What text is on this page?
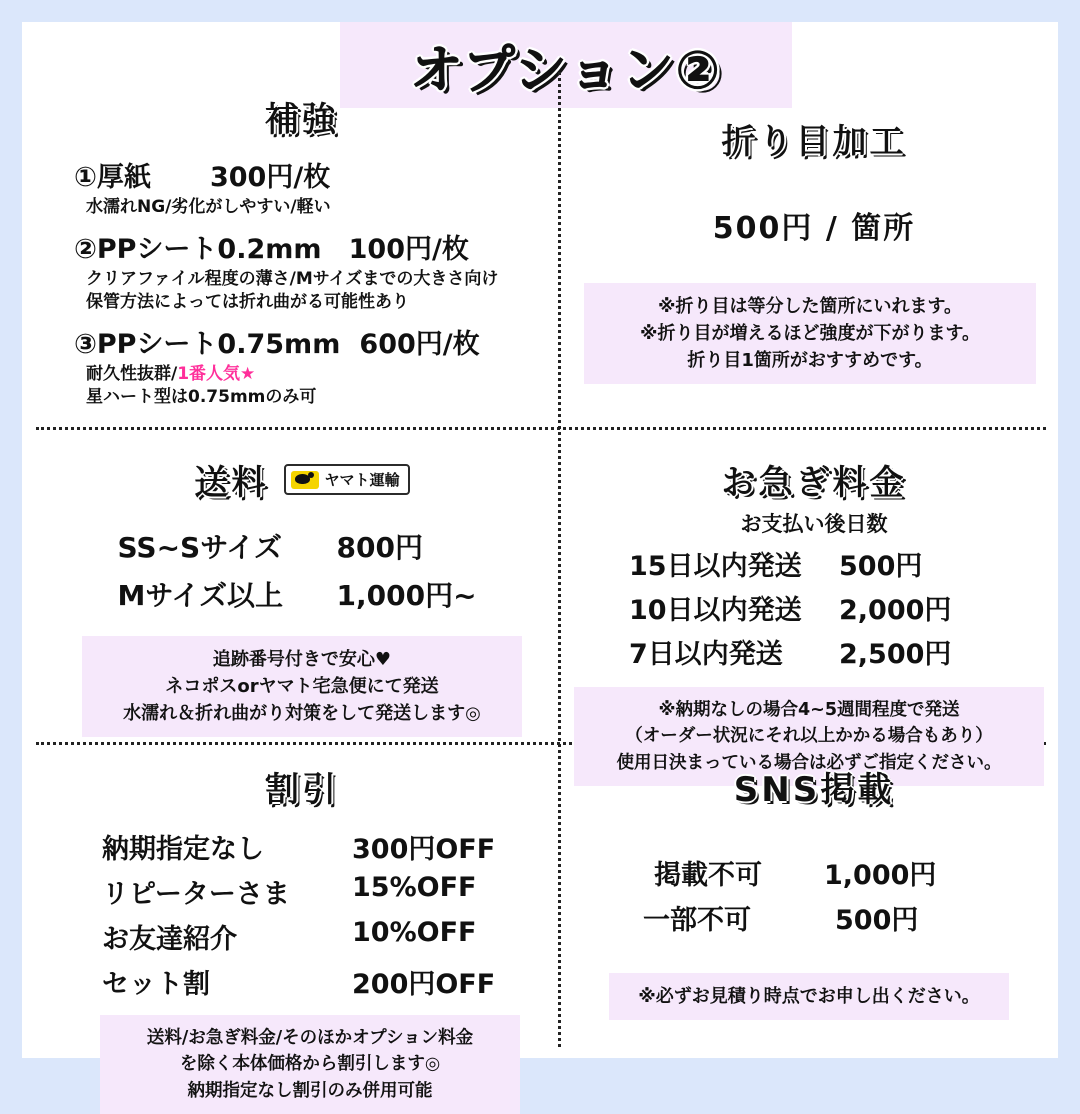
オプション②
補強
①厚紙 300円/枚
水濡れNG/劣化がしやすい/軽い
②PPシート0.2mm 100円/枚
クリアファイル程度の薄さ/Mサイズまでの大きさ向け
保管方法によっては折れ曲がる可能性あり
③PPシート0.75mm 600円/枚
耐久性抜群/1番人気★
星ハート型は0.75mmのみ可
折り目加工
500円 / 箇所
※折り目は等分した箇所にいれます。
※折り目が増えるほど強度が下がります。
折り目1箇所がおすすめです。
送料	ヤマト運輸
SS~Sサイズ	800円
Mサイズ以上	1,000円~
追跡番号付きで安心♥
ネコポスorヤマト宅急便にて発送
水濡れ＆折れ曲がり対策をして発送します◎
お急ぎ料金
お支払い後日数
15日以内発送	500円
10日以内発送	2,000円
7日以内発送	2,500円
※納期なしの場合4~5週間程度で発送
（オーダー状況にそれ以上かかる場合もあり）
使用日決まっている場合は必ずご指定ください。
割引
納期指定なし	300円OFF
リピーターさま	15%OFF
お友達紹介	10%OFF
セット割	200円OFF
送料/お急ぎ料金/そのほかオプション料金
を除く本体価格から割引します◎
納期指定なし割引のみ併用可能
SNS掲載
掲載不可	1,000円
一部不可	500円
※必ずお見積り時点でお申し出ください。
